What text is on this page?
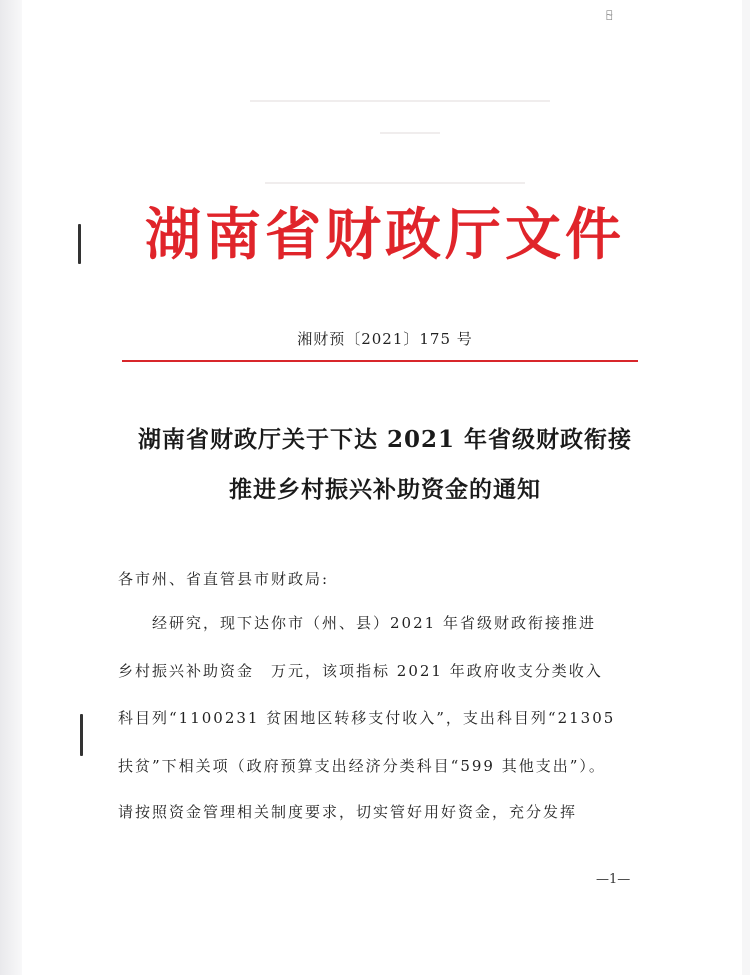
备̴
湖南省财政厅文件
湘财预〔2021〕175 号
湖南省财政厅关于下达 2021 年省级财政衔接
推进乡村振兴补助资金的通知
各市州、省直管县市财政局:
　　经研究，现下达你市（州、县）2021 年省级财政衔接推进
乡村振兴补助资金　万元，该项指标 2021 年政府收支分类收入
科目列“1100231 贫困地区转移支付收入”，支出科目列“21305
扶贫”下相关项（政府预算支出经济分类科目“599 其他支出”）。
请按照资金管理相关制度要求，切实管好用好资金，充分发挥
—1—
